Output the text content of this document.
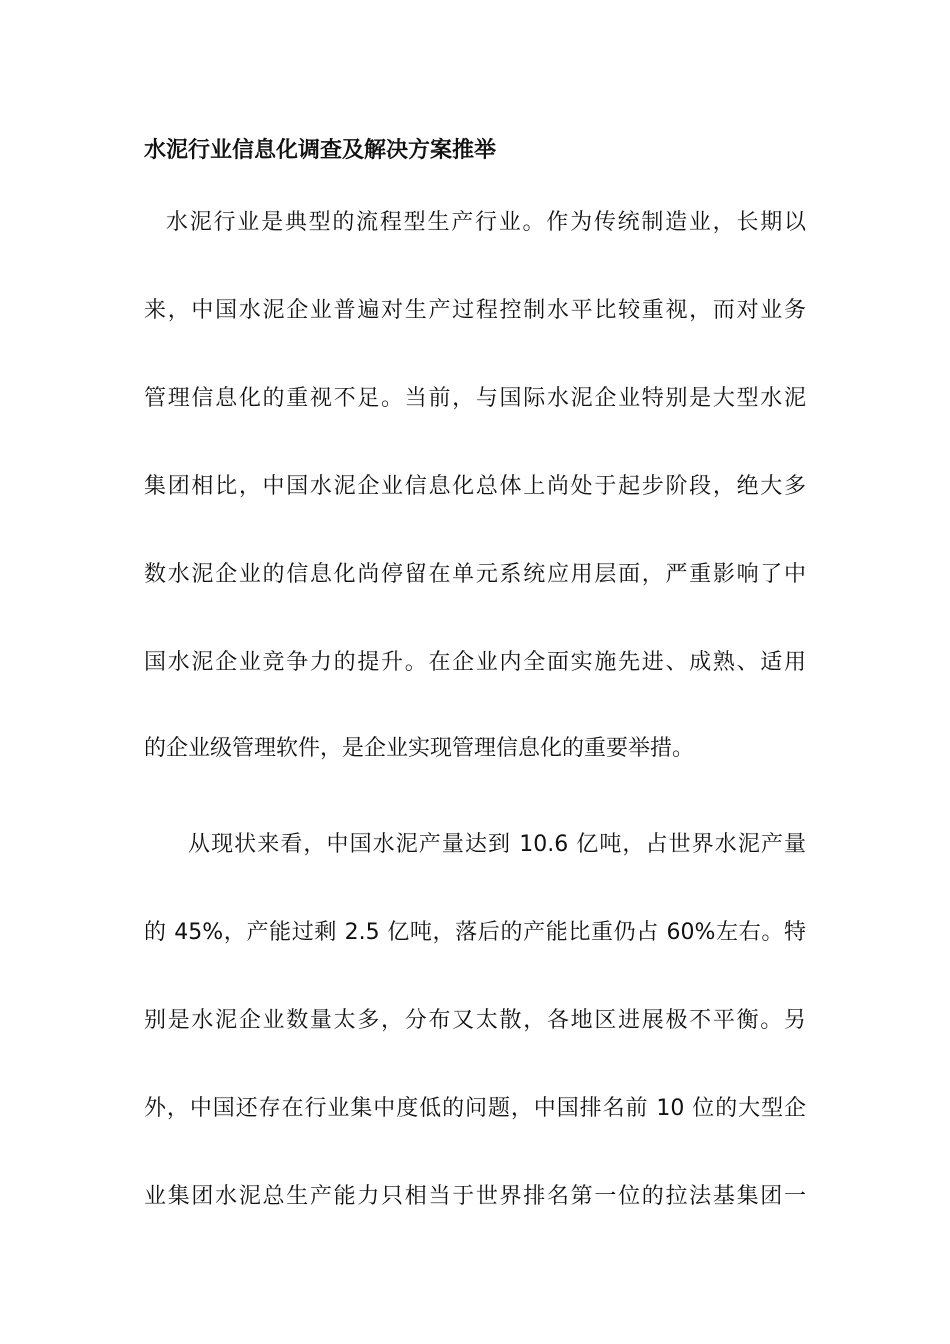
水泥行业信息化调查及解决方案推举
水泥行业是典型的流程型生产行业。作为传统制造业，长期以
来，中国水泥企业普遍对生产过程控制水平比较重视，而对业务
管理信息化的重视不足。当前，与国际水泥企业特别是大型水泥
集团相比，中国水泥企业信息化总体上尚处于起步阶段，绝大多
数水泥企业的信息化尚停留在单元系统应用层面，严重影响了中
国水泥企业竞争力的提升。在企业内全面实施先进、成熟、适用
的企业级管理软件，是企业实现管理信息化的重要举措。
从现状来看，中国水泥产量达到 10.6 亿吨，占世界水泥产量
的 45%，产能过剩 2.5 亿吨，落后的产能比重仍占 60%左右。特
别是水泥企业数量太多，分布又太散，各地区进展极不平衡。另
外，中国还存在行业集中度低的问题，中国排名前 10 位的大型企
业集团水泥总生产能力只相当于世界排名第一位的拉法基集团一
